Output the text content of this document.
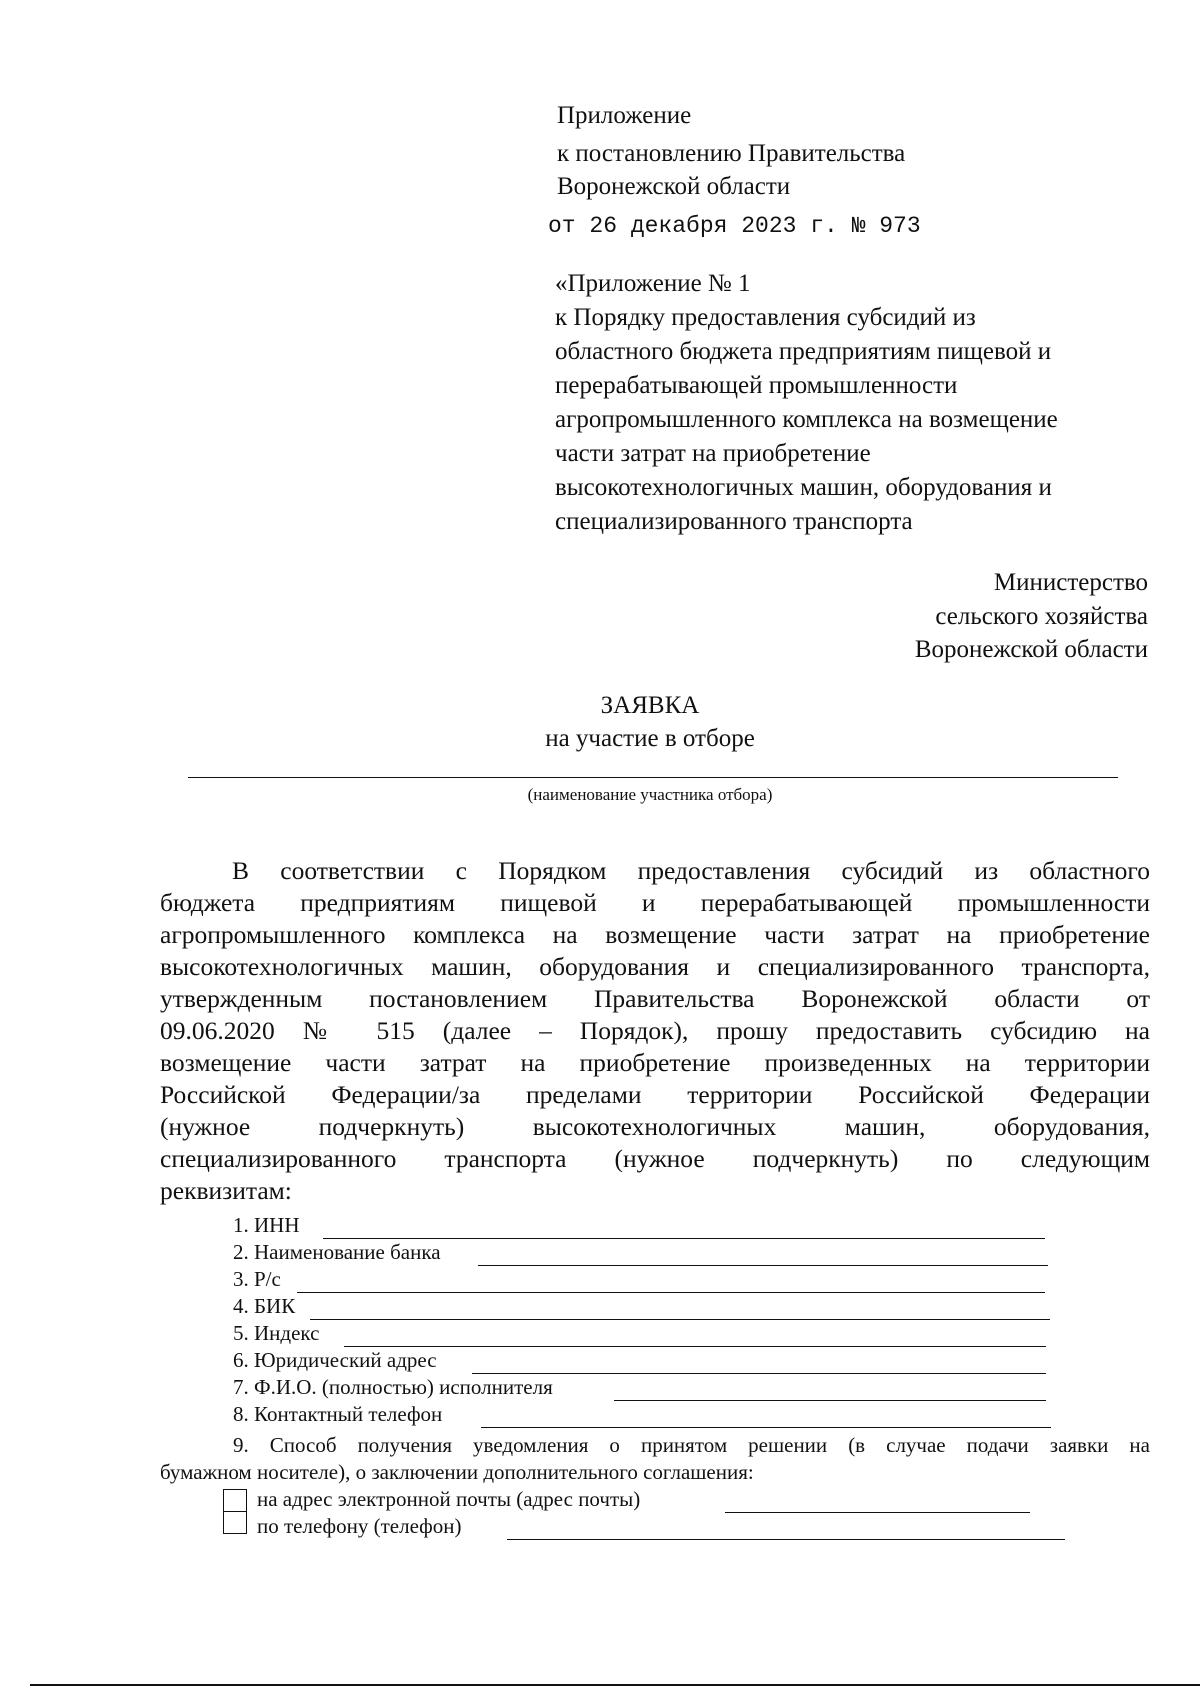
Приложение
к постановлению Правительства
Воронежской области
от 26 декабря 2023 г. № 973
«Приложение № 1
к Порядку предоставления субсидий из
областного бюджета предприятиям пищевой и
перерабатывающей промышленности
агропромышленного комплекса на возмещение
части затрат на приобретение
высокотехнологичных машин, оборудования и
специализированного транспорта
Министерство
сельского хозяйства
Воронежской области
ЗАЯВКА
на участие в отборе
(наименование участника отбора)
В соответствии с Порядком предоставления субсидий из областного
бюджета предприятиям пищевой и перерабатывающей промышленности
агропромышленного комплекса на возмещение части затрат на приобретение
высокотехнологичных машин, оборудования и специализированного транспорта,
утвержденным постановлением Правительства Воронежской области от
09.06.2020 № 515 (далее – Порядок), прошу предоставить субсидию на
возмещение части затрат на приобретение произведенных на территории
Российской Федерации/за пределами территории Российской Федерации
(нужное подчеркнуть) высокотехнологичных машин, оборудования,
специализированного транспорта (нужное подчеркнуть) по следующим
реквизитам:
1. ИНН
2. Наименование банка
3. Р/с
4. БИК
5. Индекс
6. Юридический адрес
7. Ф.И.О. (полностью) исполнителя
8. Контактный телефон
9. Способ получения уведомления о принятом решении (в случае подачи заявки на
бумажном носителе), о заключении дополнительного соглашения:
на адрес электронной почты (адрес почты)
по телефону (телефон)
